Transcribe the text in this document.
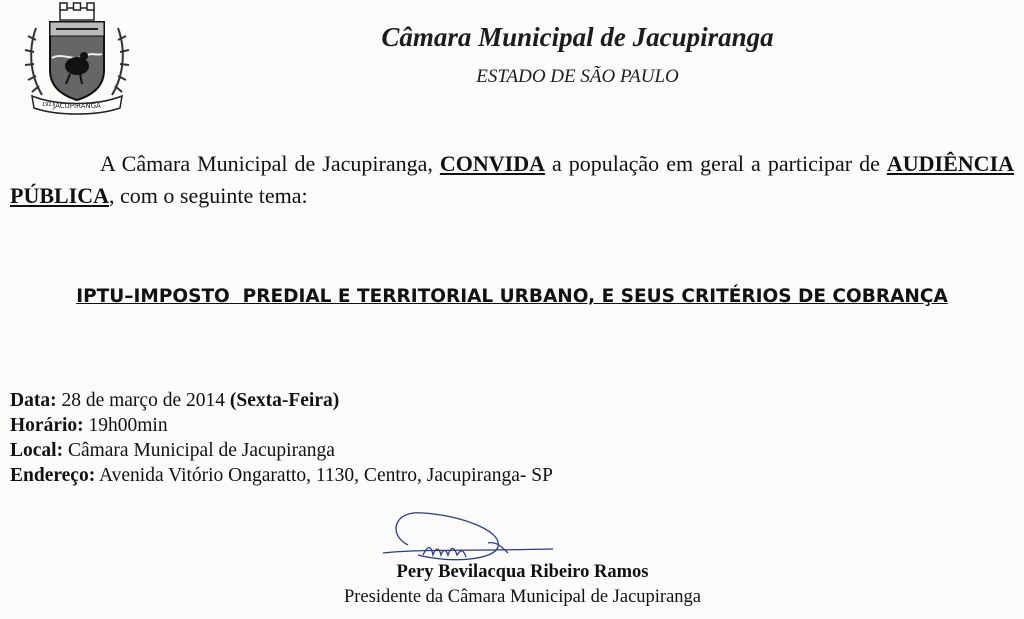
JACUPIRANGA
1927
Câmara Municipal de Jacupiranga
ESTADO DE SÃO PAULO
A Câmara Municipal de Jacupiranga, CONVIDA a população em geral a participar de AUDIÊNCIA PÚBLICA, com o seguinte tema:
IPTU–IMPOSTO  PREDIAL E TERRITORIAL URBANO, E SEUS CRITÉRIOS DE COBRANÇA
Data: 28 de março de 2014 (Sexta-Feira)
Horário: 19h00min
Local: Câmara Municipal de Jacupiranga
Endereço: Avenida Vitório Ongaratto, 1130, Centro, Jacupiranga- SP
Pery Bevilacqua Ribeiro Ramos
Presidente da Câmara Municipal de Jacupiranga
